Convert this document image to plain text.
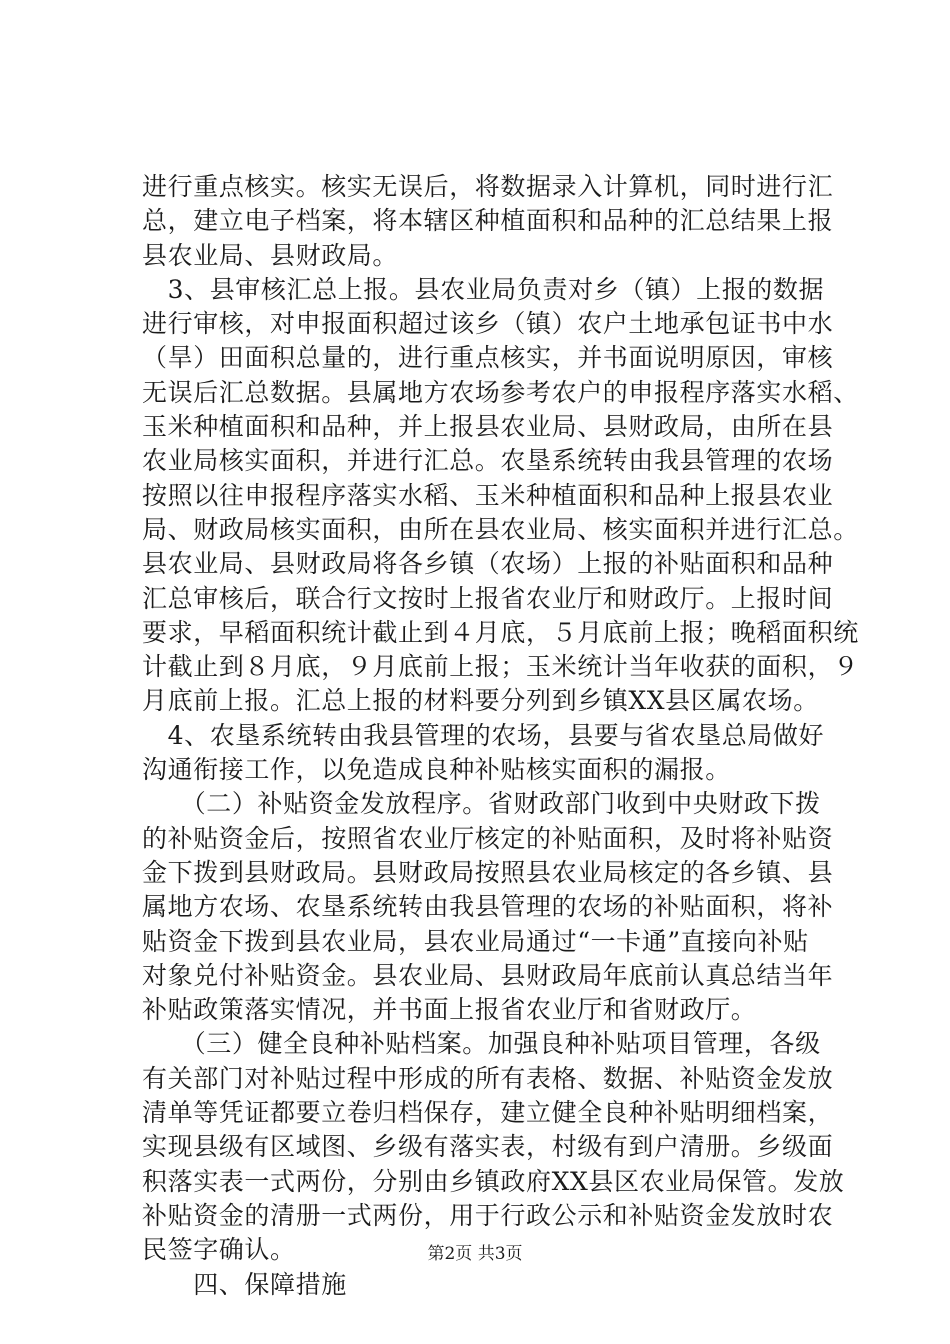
进行重点核实。核实无误后，将数据录入计算机，同时进行汇
总，建立电子档案，将本辖区种植面积和品种的汇总结果上报
县农业局、县财政局。
　3、县审核汇总上报。县农业局负责对乡（镇）上报的数据
进行审核，对申报面积超过该乡（镇）农户土地承包证书中水
（旱）田面积总量的，进行重点核实，并书面说明原因，审核
无误后汇总数据。县属地方农场参考农户的申报程序落实水稻、
玉米种植面积和品种，并上报县农业局、县财政局，由所在县
农业局核实面积，并进行汇总。农垦系统转由我县管理的农场
按照以往申报程序落实水稻、玉米种植面积和品种上报县农业
局、财政局核实面积，由所在县农业局、核实面积并进行汇总。
县农业局、县财政局将各乡镇（农场）上报的补贴面积和品种
汇总审核后，联合行文按时上报省农业厅和财政厅。上报时间
要求，早稻面积统计截止到４月底，５月底前上报；晚稻面积统
计截止到８月底，９月底前上报；玉米统计当年收获的面积，９
月底前上报。汇总上报的材料要分列到乡镇XX县区属农场。
　4、农垦系统转由我县管理的农场，县要与省农垦总局做好
沟通衔接工作，以免造成良种补贴核实面积的漏报。
　　（二）补贴资金发放程序。省财政部门收到中央财政下拨
的补贴资金后，按照省农业厅核定的补贴面积，及时将补贴资
金下拨到县财政局。县财政局按照县农业局核定的各乡镇、县
属地方农场、农垦系统转由我县管理的农场的补贴面积，将补
贴资金下拨到县农业局，县农业局通过“一卡通”直接向补贴
对象兑付补贴资金。县农业局、县财政局年底前认真总结当年
补贴政策落实情况，并书面上报省农业厅和省财政厅。
　　（三）健全良种补贴档案。加强良种补贴项目管理，各级
有关部门对补贴过程中形成的所有表格、数据、补贴资金发放
清单等凭证都要立卷归档保存，建立健全良种补贴明细档案，
实现县级有区域图、乡级有落实表，村级有到户清册。乡级面
积落实表一式两份，分别由乡镇政府XX县区农业局保管。发放
补贴资金的清册一式两份，用于行政公示和补贴资金发放时农
民签字确认。
　　四、保障措施
第2页 共3页
